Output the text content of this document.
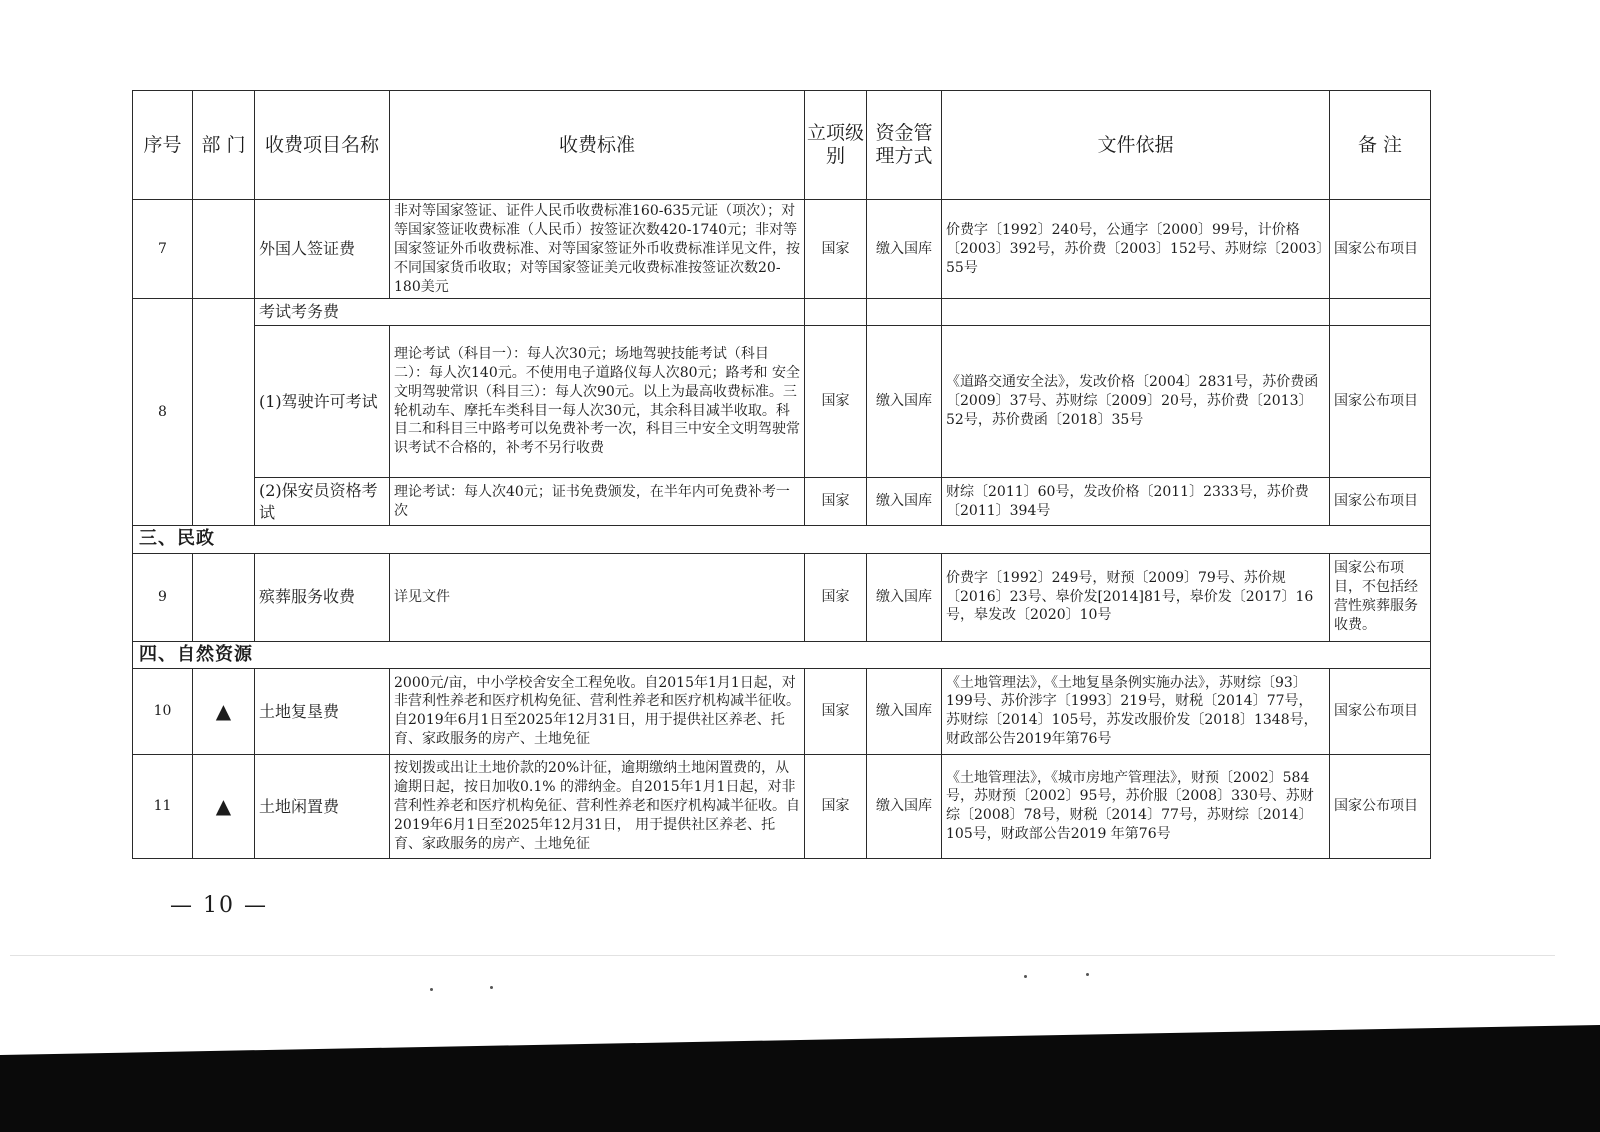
序号	部 门	收费项目名称	收费标准	立项级别	资金管理方式	文件依据	备 注
7		外国人签证费	非对等国家签证、证件人民币收费标准160-635元证（项次）；对等国家签证收费标准（人民币）按签证次数420-1740元；非对等国家签证外币收费标准、对等国家签证外币收费标准详见文件，按不同国家货币收取；对等国家签证美元收费标准按签证次数20-180美元	国家	缴入国库	价费字〔1992〕240号，公通字〔2000〕99号，计价格〔2003〕392号，苏价费〔2003〕152号、苏财综〔2003〕55号	国家公布项目
8		考试考务费					
		(1)驾驶许可考试	理论考试（科目一）：每人次30元；场地驾驶技能考试（科目二）：每人次140元。不使用电子道路仪每人次80元；路考和 安全文明驾驶常识（科目三）：每人次90元。以上为最高收费标准。三轮机动车、摩托车类科目一每人次30元，其余科目减半收取。科目二和科目三中路考可以免费补考一次，科目三中安全文明驾驶常识考试不合格的，补考不另行收费	国家	缴入国库	《道路交通安全法》，发改价格〔2004〕2831号，苏价费函〔2009〕37号、苏财综〔2009〕20号，苏价费〔2013〕52号，苏价费函〔2018〕35号	国家公布项目
		(2)保安员资格考试	理论考试：每人次40元；证书免费颁发，在半年内可免费补考一次	国家	缴入国库	财综〔2011〕60号，发改价格〔2011〕2333号，苏价费〔2011〕394号	国家公布项目
三、民政							
9		殡葬服务收费	详见文件	国家	缴入国库	价费字〔1992〕249号，财预〔2009〕79号、苏价规〔2016〕23号、皋价发[2014]81号，皋价发〔2017〕16号，皋发改〔2020〕10号	国家公布项目，不包括经营性殡葬服务收费。
四、自然资源							
10	▲	土地复垦费	2000元/亩，中小学校舍安全工程免收。自2015年1月1日起，对非营利性养老和医疗机构免征、营利性养老和医疗机构减半征收。自2019年6月1日至2025年12月31日，用于提供社区养老、托育、家政服务的房产、土地免征	国家	缴入国库	《土地管理法》，《土地复垦条例实施办法》，苏财综〔93〕199号、苏价涉字〔1993〕219号，财税〔2014〕77号，苏财综〔2014〕105号，苏发改服价发〔2018〕1348号，财政部公告2019年第76号	国家公布项目
11	▲	土地闲置费	按划拨或出让土地价款的20%计征，逾期缴纳土地闲置费的，从逾期日起，按日加收0.1% 的滞纳金。自2015年1月1日起，对非营利性养老和医疗机构免征、营利性养老和医疗机构减半征收。自2019年6月1日至2025年12月31日， 用于提供社区养老、托育、家政服务的房产、土地免征	国家	缴入国库	《土地管理法》，《城市房地产管理法》，财预〔2002〕584号，苏财预〔2002〕95号，苏价服〔2008〕330号、苏财综〔2008〕78号，财税〔2014〕77号，苏财综〔2014〕105号，财政部公告2019 年第76号	国家公布项目
— 10 —
